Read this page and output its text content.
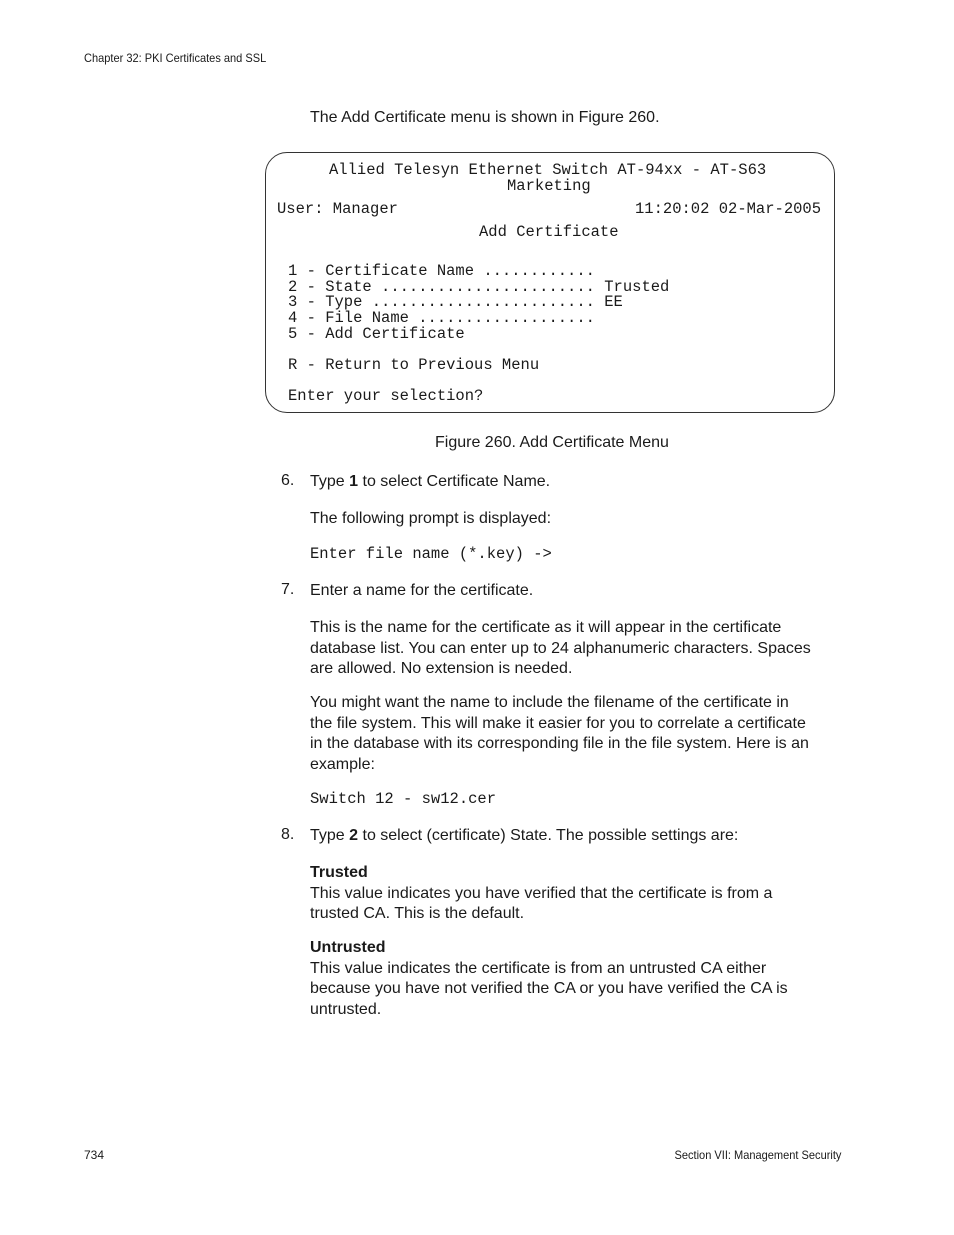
Chapter 32: PKI Certificates and SSL
The Add Certificate menu is shown in Figure 260.
Allied Telesyn Ethernet Switch AT-94xx - AT-S63
Marketing
User: Manager	11:20:02 02-Mar-2005
Add Certificate
1 - Certificate Name ............
2 - State ....................... Trusted
3 - Type ........................ EE
4 - File Name ...................
5 - Add Certificate
R - Return to Previous Menu
Enter your selection?
Figure 260. Add Certificate Menu
6. Type 1 to select Certificate Name.
The following prompt is displayed:
Enter file name (*.key) ->
7. Enter a name for the certificate.
This is the name for the certificate as it will appear in the certificate
database list. You can enter up to 24 alphanumeric characters. Spaces
are allowed. No extension is needed.
You might want the name to include the filename of the certificate in
the file system. This will make it easier for you to correlate a certificate
in the database with its corresponding file in the file system. Here is an
example:
Switch 12 - sw12.cer
8. Type 2 to select (certificate) State. The possible settings are:
Trusted
This value indicates you have verified that the certificate is from a
trusted CA. This is the default.
Untrusted
This value indicates the certificate is from an untrusted CA either
because you have not verified the CA or you have verified the CA is
untrusted.
734	Section VII: Management Security
